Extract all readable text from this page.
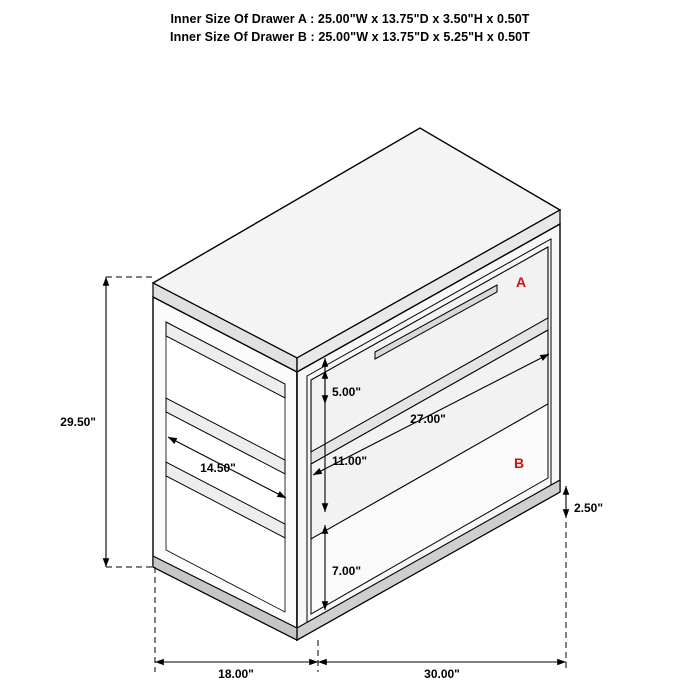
Inner Size Of Drawer A : 25.00"W x 13.75"D x 3.50"H x 0.50T
Inner Size Of Drawer B : 25.00"W x 13.75"D x 5.25"H x 0.50T
29.50"
14.50"
27.00"
5.00"
11.00"
7.00"
2.50"
18.00"	30.00"
A
B
